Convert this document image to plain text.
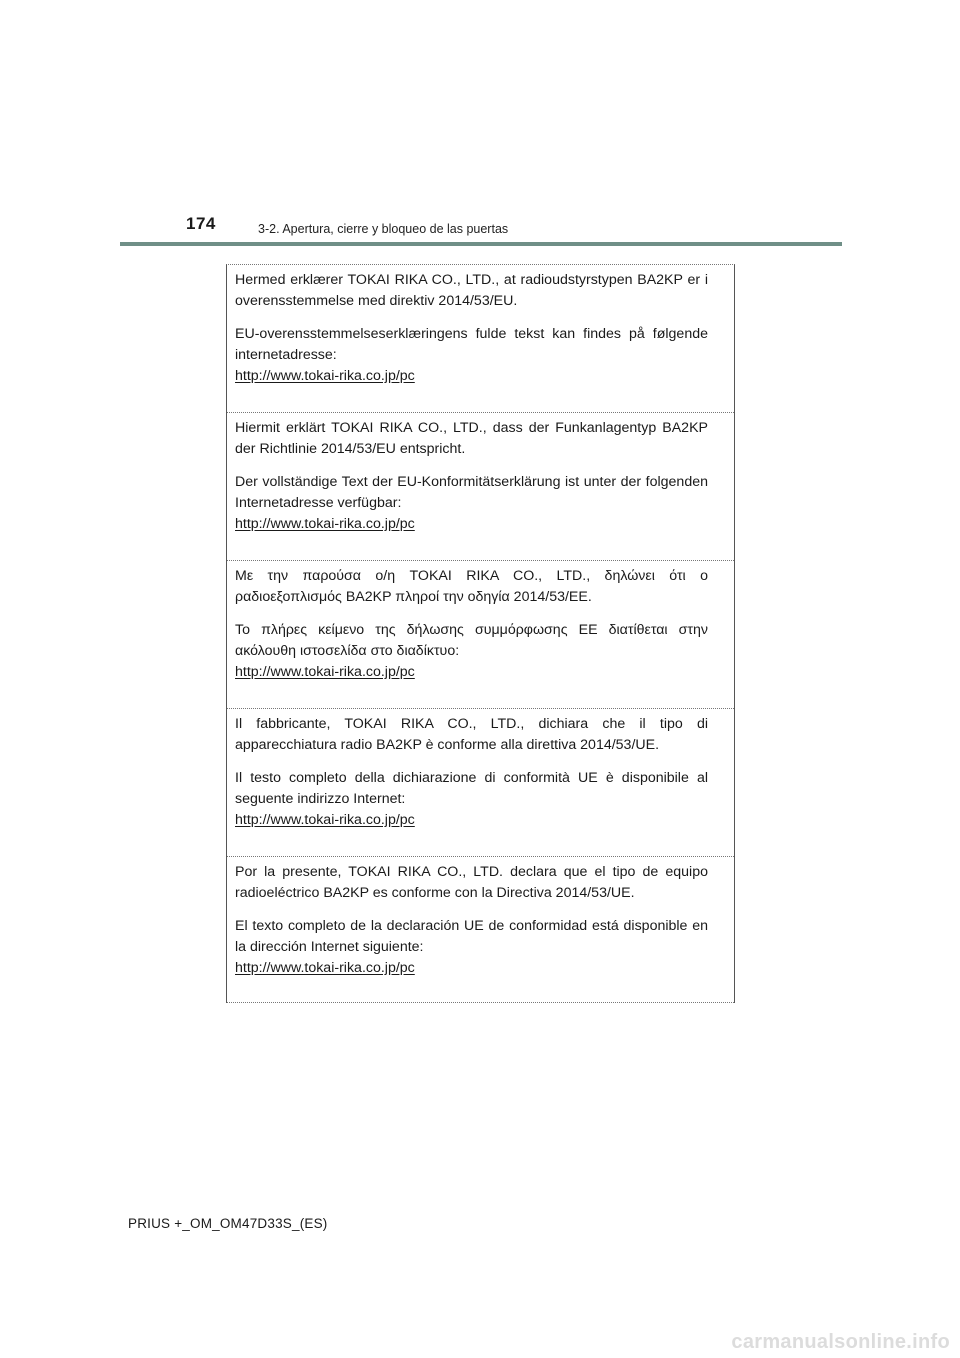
174	3-2. Apertura, cierre y bloqueo de las puertas

Hermed erklærer TOKAI RIKA CO., LTD., at radioudstyrstypen BA2KP er i overensstemmelse med direktiv 2014/53/EU.

EU-overensstemmelseserklæringens fulde tekst kan findes på følgende internetadresse:

http://www.tokai-rika.co.jp/pc

Hiermit erklärt TOKAI RIKA CO., LTD., dass der Funkanlagentyp BA2KP der Richtlinie 2014/53/EU entspricht.

Der vollständige Text der EU-Konformitätserklärung ist unter der folgenden Internetadresse verfügbar:

http://www.tokai-rika.co.jp/pc

Με την παρούσα ο/η TOKAI RIKA CO., LTD., δηλώνει ότι ο ραδιοεξοπλισμός BA2KP πληροί την οδηγία 2014/53/ΕΕ.

Το πλήρες κείμενο της δήλωσης συμμόρφωσης ΕΕ διατίθεται στην ακόλουθη ιστοσελίδα στο διαδίκτυο:

http://www.tokai-rika.co.jp/pc

Il fabbricante, TOKAI RIKA CO., LTD., dichiara che il tipo di apparecchiatura radio BA2KP è conforme alla direttiva 2014/53/UE.

Il testo completo della dichiarazione di conformità UE è disponibile al seguente indirizzo Internet:

http://www.tokai-rika.co.jp/pc

Por la presente, TOKAI RIKA CO., LTD. declara que el tipo de equipo radioeléctrico BA2KP es conforme con la Directiva 2014/53/UE.

El texto completo de la declaración UE de conformidad está disponible en la dirección Internet siguiente:

http://www.tokai-rika.co.jp/pc
PRIUS +_OM_OM47D33S_(ES)
carmanualsonline.info
